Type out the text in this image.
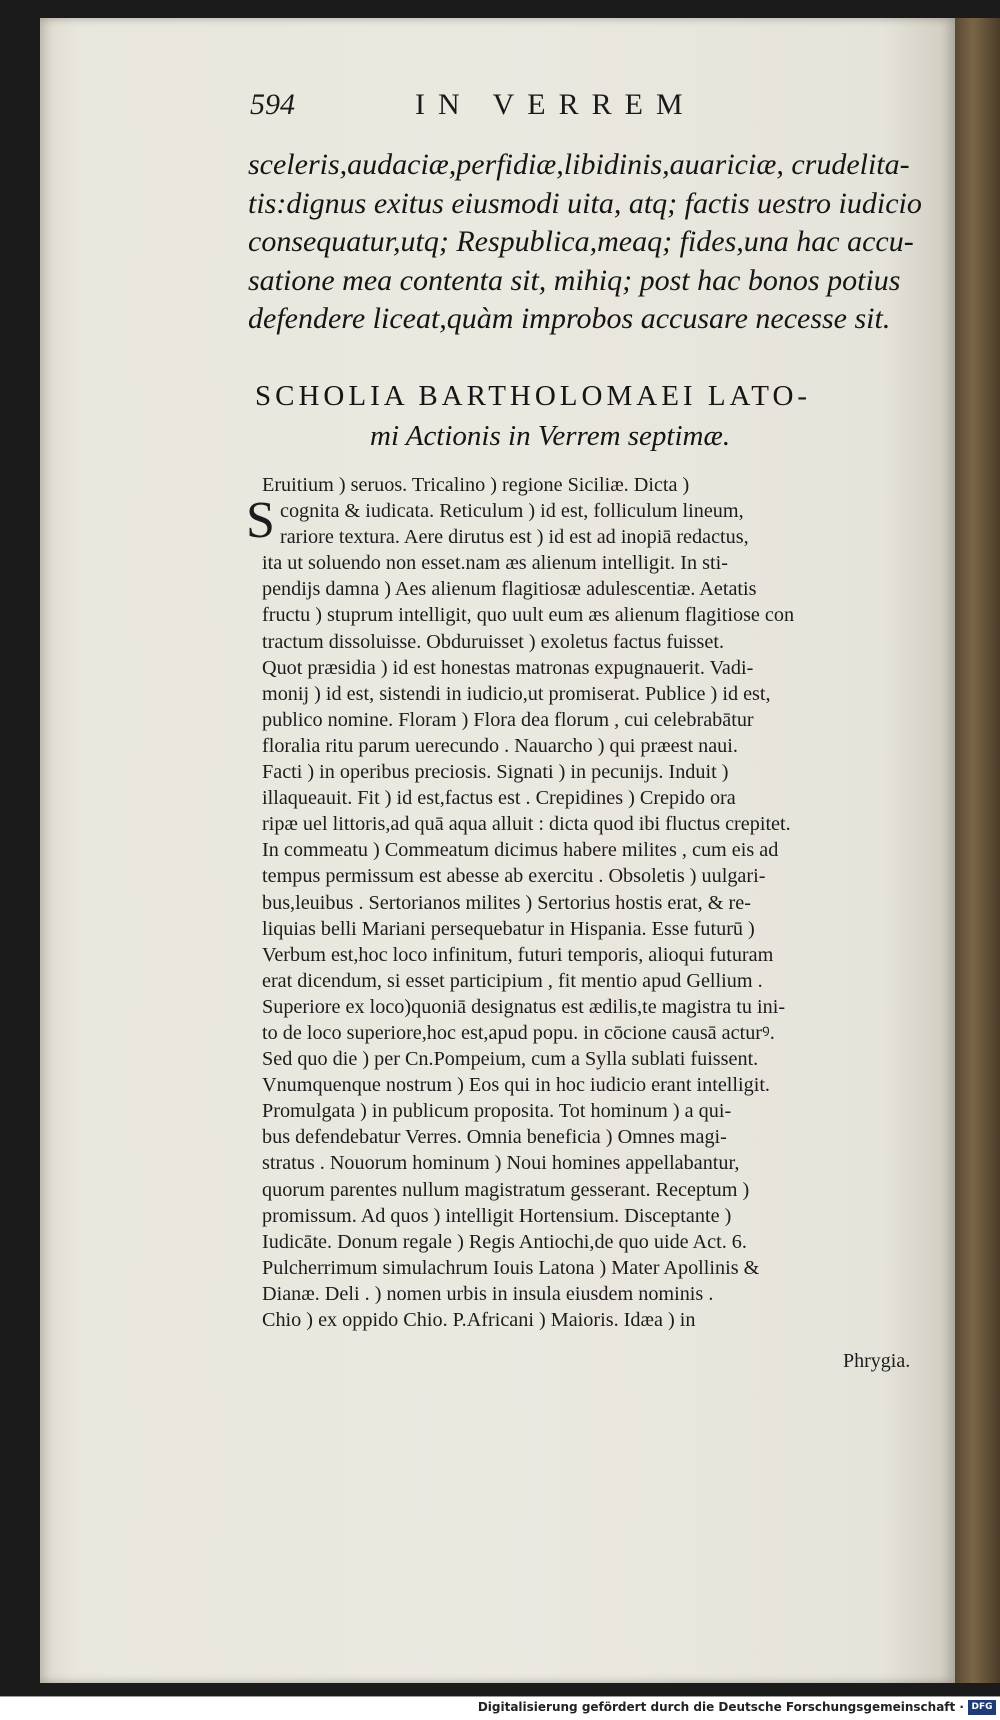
594	IN VERREM
sceleris,audaciæ,perfidiæ,libidinis,auariciæ, crudelita-
tis:dignus exitus eiusmodi uita, atq; factis uestro iudicio
consequatur,utq; Respublica,meaq; fides,una hac accu-
satione mea contenta sit, mihiq; post hac bonos potius
defendere liceat,quàm improbos accusare necesse sit.
SCHOLIA BARTHOLOMAEI LATO-
mi Actionis in Verrem septimæ.
S
Eruitium ) seruos. Tricalino ) regione Siciliæ. Dicta )
cognita & iudicata. Reticulum ) id est, folliculum lineum,
rariore textura. Aere dirutus est ) id est ad inopiā redactus,
ita ut soluendo non esset.nam æs alienum intelligit. In sti-
pendijs damna ) Aes alienum flagitiosæ adulescentiæ. Aetatis
fructu ) stuprum intelligit, quo uult eum æs alienum flagitiose con
tractum dissoluisse. Obduruisset ) exoletus factus fuisset.
Quot præsidia ) id est honestas matronas expugnauerit. Vadi-
monij ) id est, sistendi in iudicio,ut promiserat. Publice ) id est,
publico nomine. Floram ) Flora dea florum , cui celebrabātur
floralia ritu parum uerecundo . Nauarcho ) qui præest naui.
Facti ) in operibus preciosis. Signati ) in pecunijs. Induit )
illaqueauit. Fit ) id est,factus est . Crepidines ) Crepido ora
ripæ uel littoris,ad quā aqua alluit : dicta quod ibi fluctus crepitet.
In commeatu ) Commeatum dicimus habere milites , cum eis ad
tempus permissum est abesse ab exercitu . Obsoletis ) uulgari-
bus,leuibus . Sertorianos milites ) Sertorius hostis erat, & re-
liquias belli Mariani persequebatur in Hispania. Esse futurū )
Verbum est,hoc loco infinitum, futuri temporis, alioqui futuram
erat dicendum, si esset participium , fit mentio apud Gellium .
Superiore ex loco)quoniā designatus est ædilis,te magistra tu ini-
to de loco superiore,hoc est,apud popu. in cōcione causā acturꝰ.
Sed quo die ) per Cn.Pompeium, cum a Sylla sublati fuissent.
Vnumquenque nostrum ) Eos qui in hoc iudicio erant intelligit.
Promulgata ) in publicum proposita. Tot hominum ) a qui-
bus defendebatur Verres. Omnia beneficia ) Omnes magi-
stratus . Nouorum hominum ) Noui homines appellabantur,
quorum parentes nullum magistratum gesserant. Receptum )
promissum. Ad quos ) intelligit Hortensium. Disceptante )
Iudicāte. Donum regale ) Regis Antiochi,de quo uide Act. 6.
Pulcherrimum simulachrum Iouis Latona ) Mater Apollinis &
Dianæ. Deli . ) nomen urbis in insula eiusdem nominis .
Chio ) ex oppido Chio. P.Africani ) Maioris. Idæa ) in
Phrygia.
Digitalisierung gefördert durch die Deutsche Forschungsgemeinschaft · DFG
